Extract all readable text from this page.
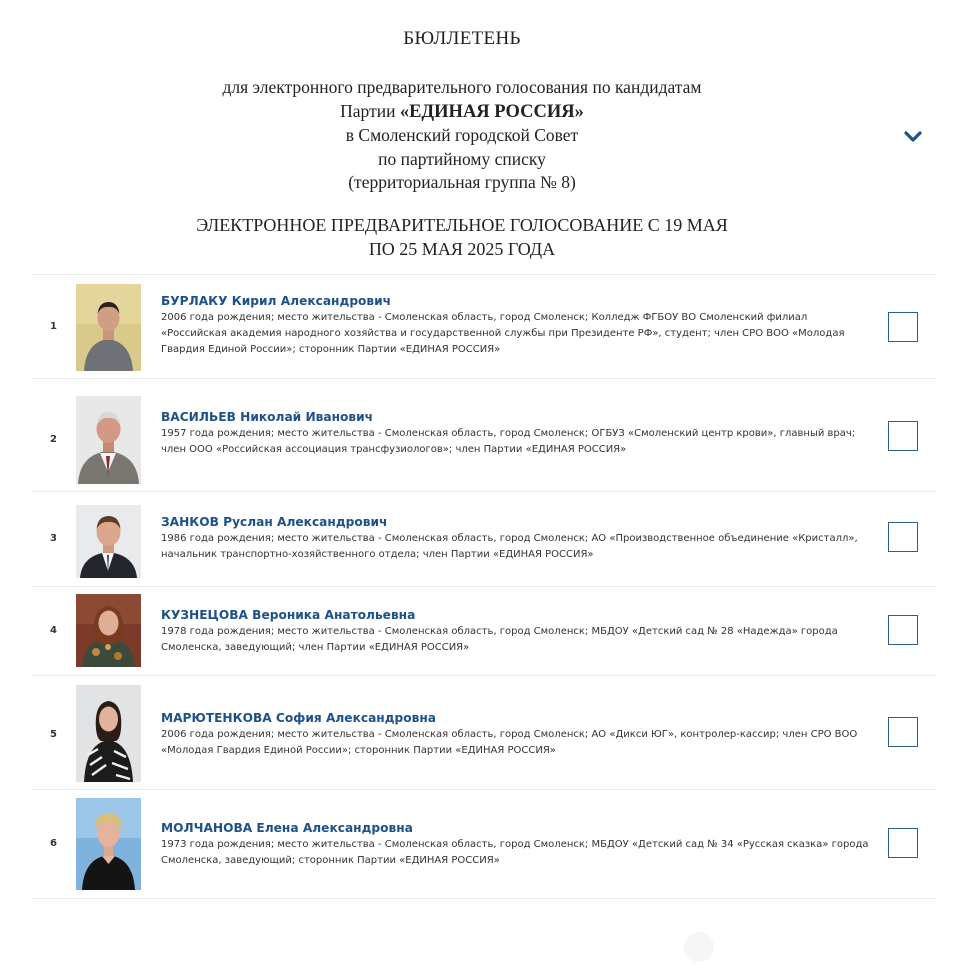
БЮЛЛЕТЕНЬ
для электронного предварительного голосования по кандидатам
Партии «ЕДИНАЯ РОССИЯ»
в Смоленский городской Совет
по партийному списку
(территориальная группа № 8)
ЭЛЕКТРОННОЕ ПРЕДВАРИТЕЛЬНОЕ ГОЛОСОВАНИЕ С 19 МАЯ
ПО 25 МАЯ 2025 ГОДА
1
БУРЛАКУ Кирил Александрович
2006 года рождения; место жительства - Смоленская область, город Смоленск; Колледж ФГБОУ ВО Смоленский филиал «Российская академия народного хозяйства и государственной службы при Президенте РФ», студент; член СРО ВОО «Молодая Гвардия Единой России»; сторонник Партии «ЕДИНАЯ РОССИЯ»
2
ВАСИЛЬЕВ Николай Иванович
1957 года рождения; место жительства - Смоленская область, город Смоленск; ОГБУЗ «Смоленский центр крови», главный врач; член ООО «Российская ассоциация трансфузиологов»; член Партии «ЕДИНАЯ РОССИЯ»
3
ЗАНКОВ Руслан Александрович
1986 года рождения; место жительства - Смоленская область, город Смоленск; АО «Производственное объединение «Кристалл», начальник транспортно-хозяйственного отдела; член Партии «ЕДИНАЯ РОССИЯ»
4
КУЗНЕЦОВА Вероника Анатольевна
1978 года рождения; место жительства - Смоленская область, город Смоленск; МБДОУ «Детский сад № 28 «Надежда» города Смоленска, заведующий; член Партии «ЕДИНАЯ РОССИЯ»
5
МАРЮТЕНКОВА София Александровна
2006 года рождения; место жительства - Смоленская область, город Смоленск; АО «Дикси ЮГ», контролер-кассир; член СРО ВОО «Молодая Гвардия Единой России»; сторонник Партии «ЕДИНАЯ РОССИЯ»
6
МОЛЧАНОВА Елена Александровна
1973 года рождения; место жительства - Смоленская область, город Смоленск; МБДОУ «Детский сад № 34 «Русская сказка» города Смоленска, заведующий; сторонник Партии «ЕДИНАЯ РОССИЯ»
